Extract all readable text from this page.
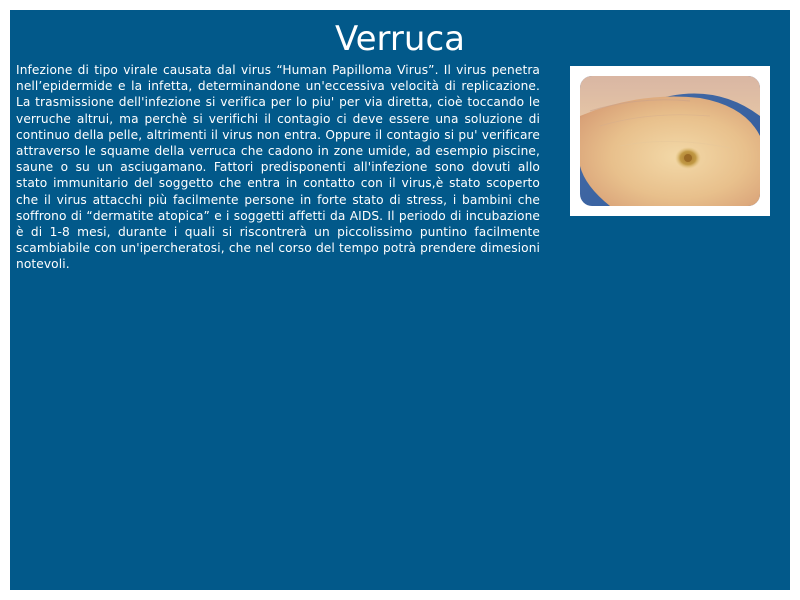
Verruca

Infezione di tipo virale causata dal virus “Human Papilloma Virus”. Il virus penetra nell’epidermide e la infetta, determinandone un'eccessiva velocità di replicazione. La trasmissione dell'infezione si verifica per lo piu' per via diretta, cioè toccando le verruche altrui, ma perchè si verifichi il contagio ci deve essere una soluzione di continuo della pelle, altrimenti il virus non entra. Oppure il contagio si pu' verificare attraverso le squame della verruca che cadono in zone umide, ad esempio piscine, saune o su un asciugamano. Fattori predisponenti all'infezione sono dovuti allo stato immunitario del soggetto che entra in contatto con il virus,è stato scoperto che il virus attacchi più facilmente persone in forte stato di stress, i bambini che soffrono di “dermatite atopica” e i soggetti affetti da AIDS. Il periodo di incubazione è di 1-8 mesi, durante i quali si riscontrerà un piccolissimo puntino facilmente scambiabile con un'ipercheratosi, che nel corso del tempo potrà prendere dimesioni notevoli.
